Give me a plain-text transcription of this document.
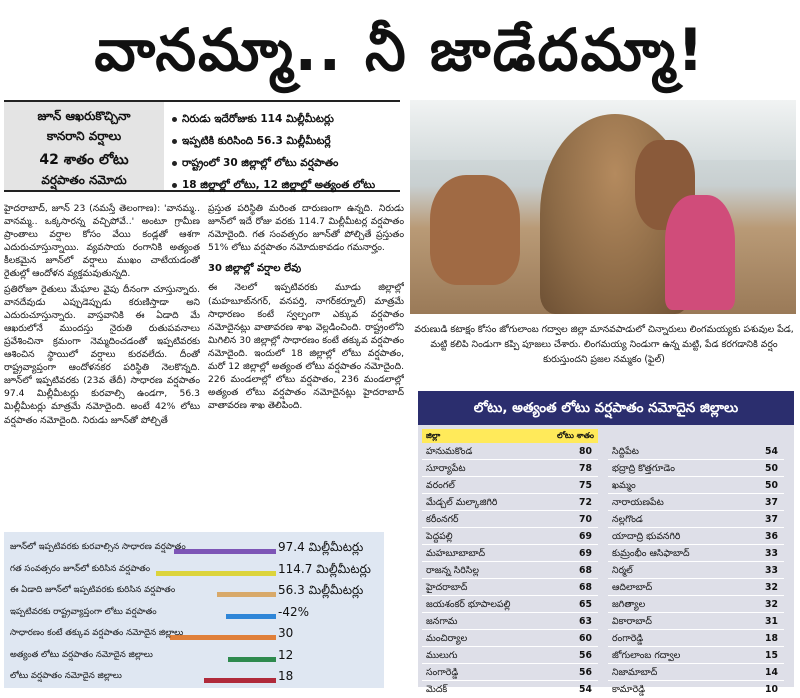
వానమ్మా.. నీ జాడేదమ్మా!
జూన్ ఆఖరుకొచ్చినా
కానరాని వర్షాలు
42 శాతం లోటు
వర్షపాతం నమోదు
నిరుడు ఇదేరోజుకు 114 మిల్లీమీటర్లు
ఇప్పటికి కురిసింది 56.3 మిల్లీమీటర్లే
రాష్ట్రంలో 30 జిల్లాల్లో లోటు వర్షపాతం
18 జిల్లాల్లో లోటు, 12 జిల్లాల్లో అత్యంత లోటు

హైదరాబాద్, జూన్ 23 (నమస్తే తెలంగాణ): 'వానమ్మ.. వానమ్మ.. ఒక్కసారన్న వచ్చిపోవే..' అంటూ గ్రామీణ ప్రాంతాలు వర్షాల కోసం వేయి కండ్లతో ఆశగా ఎదురుచూస్తున్నాయి. వ్యవసాయ రంగానికి అత్యంత కీలకమైన జూన్‌లో వర్షాలు ముఖం చాటేయడంతో రైతుల్లో ఆందోళన వ్యక్తమవుతున్నది.

ప్రతిరోజూ రైతులు మేఘాల వైపు దీనంగా చూస్తున్నారు. వానదేవుడు ఎప్పుడెప్పుడు కరుణిస్తాడా అని ఎదురుచూస్తున్నారు. వాస్తవానికి ఈ ఏడాది మే ఆఖరులోనే ముందస్తు నైరుతి రుతుపవనాలు ప్రవేశించినా క్రమంగా నెమ్మదించడంతో ఇప్పటివరకు ఆశించిన స్థాయిలో వర్షాలు కురవలేదు. దీంతో రాష్ట్రవ్యాప్తంగా ఆందోళనకర పరిస్థితి నెలకొన్నది. జూన్‌లో ఇప్పటివరకు (23వ తేదీ) సాధారణ వర్షపాతం 97.4 మిల్లీమీటర్లు కురవాల్సి ఉండగా, 56.3 మిల్లీమీటర్లు మాత్రమే నమోదైంది. అంటే 42% లోటు వర్షపాతం నమోదైంది. నిరుడు జూన్‌తో పోల్చితే

ప్రస్తుత పరిస్థితి మరింత దారుణంగా ఉన్నది. నిరుడు జూన్‌లో ఇదే రోజు వరకు 114.7 మిల్లీమీటర్ల వర్షపాతం నమోదైంది. గత సంవత్సరం జూన్‌తో పోల్చితే ప్రస్తుతం 51% లోటు వర్షపాతం నమోదుకావడం గమనార్హం.

30 జిల్లాల్లో వర్షాల లేవు

ఈ నెలలో ఇప్పటివరకు మూడు జిల్లాల్లో (మహబూబ్‌నగర్, వనపర్తి, నాగర్‌కర్నూల్) మాత్రమే సాధారణం కంటే స్వల్పంగా ఎక్కువ వర్షపాతం నమోదైనట్లు వాతావరణ శాఖ వెల్లడించింది. రాష్ట్రంలోని మిగిలిన 30 జిల్లాల్లో సాధారణం కంటే తక్కువ వర్షపాతం నమోదైంది. ఇందులో 18 జిల్లాల్లో లోటు వర్షపాతం, మరో 12 జిల్లాల్లో అత్యంత లోటు వర్షపాతం నమోదైంది. 226 మండలాల్లో లోటు వర్షపాతం, 236 మండలాల్లో అత్యంత లోటు వర్షపాతం నమోదైనట్లు హైదరాబాద్ వాతావరణ శాఖ తెలిపింది.

వరుణుడి కటాక్షం కోసం జోగులాంబ గద్వాల జిల్లా మానవపాడులో చిన్నారులు లింగమయ్యకు పశువుల పేడ, మట్టి కలిపి నిండుగా కప్పి పూజలు చేశారు. లింగమయ్య నిండుగా ఉన్న మట్టి, పేడ కరగడానికి వర్షం కురుస్తుందని ప్రజల నమ్మకం (ఫైల్)
లోటు, అత్యంత లోటు వర్షపాతం నమోదైన జిల్లాలు
జిల్లా	లోటు శాతం
హనుమకొండ	80
సూర్యాపేట	78
వరంగల్	75
మేడ్చల్ మల్కాజిగిరి	72
కరీంనగర్	70
పెద్దపల్లి	69
మహబూబాబాద్	69
రాజన్న సిరిసిల్ల	68
హైదరాబాద్	68
జయశంకర్ భూపాలపల్లి	65
జనగామ	63
మంచిర్యాల	60
ములుగు	56
సంగారెడ్డి	56
మెదక్	54
సిద్దిపేట	54
భద్రాద్రి కొత్తగూడెం	50
ఖమ్మం	50
నారాయణపేట	37
నల్లగొండ	37
యాదాద్రి భువనగిరి	36
కుమ్రంభీం ఆసిఫాబాద్	33
నిర్మల్	33
ఆదిలాబాద్	32
జగిత్యాల	32
వికారాబాద్	31
రంగారెడ్డి	18
జోగులాంబ గద్వాల	15
నిజామాబాద్	14
కామారెడ్డి	10
జూన్‌లో ఇప్పటివరకు కురవాల్సిన సాధారణ వర్షపాతం	97.4 మిల్లీమీటర్లు
గత సంవత్సరం జూన్‌లో కురిసిన వర్షపాతం	114.7 మిల్లీమీటర్లు
ఈ ఏడాది జూన్‌లో ఇప్పటివరకు కురిసిన వర్షపాతం	56.3 మిల్లీమీటర్లు
ఇప్పటివరకు రాష్ట్రవ్యాప్తంగా లోటు వర్షపాతం	-42%
సాధారణం కంటే తక్కువ వర్షపాతం నమోదైన జిల్లాలు	30
అత్యంత లోటు వర్షపాతం నమోదైన జిల్లాలు	12
లోటు వర్షపాతం నమోదైన జిల్లాలు	18
